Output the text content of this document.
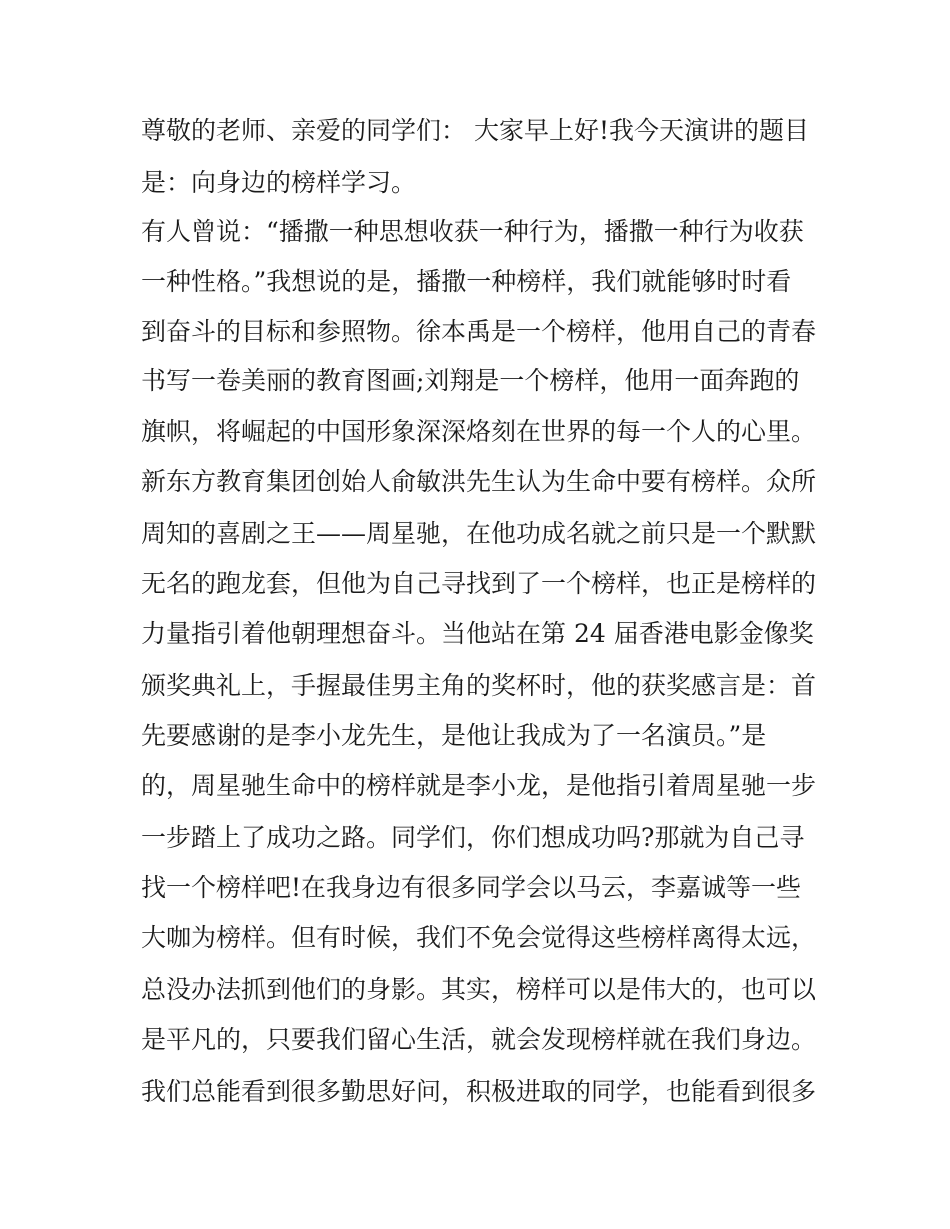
尊敬的老师、亲爱的同学们： 大家早上好!我今天演讲的题目
是：向身边的榜样学习。
有人曾说：“播撒一种思想收获一种行为，播撒一种行为收获
一种性格。”我想说的是，播撒一种榜样，我们就能够时时看
到奋斗的目标和参照物。徐本禹是一个榜样，他用自己的青春
书写一卷美丽的教育图画;刘翔是一个榜样，他用一面奔跑的
旗帜，将崛起的中国形象深深烙刻在世界的每一个人的心里。
新东方教育集团创始人俞敏洪先生认为生命中要有榜样。众所
周知的喜剧之王——周星驰，在他功成名就之前只是一个默默
无名的跑龙套，但他为自己寻找到了一个榜样，也正是榜样的
力量指引着他朝理想奋斗。当他站在第 24 届香港电影金像奖
颁奖典礼上，手握最佳男主角的奖杯时，他的获奖感言是：首
先要感谢的是李小龙先生，是他让我成为了一名演员。”是
的，周星驰生命中的榜样就是李小龙，是他指引着周星驰一步
一步踏上了成功之路。同学们，你们想成功吗?那就为自己寻
找一个榜样吧!在我身边有很多同学会以马云，李嘉诚等一些
大咖为榜样。但有时候，我们不免会觉得这些榜样离得太远，
总没办法抓到他们的身影。其实，榜样可以是伟大的，也可以
是平凡的，只要我们留心生活，就会发现榜样就在我们身边。
我们总能看到很多勤思好问，积极进取的同学，也能看到很多
